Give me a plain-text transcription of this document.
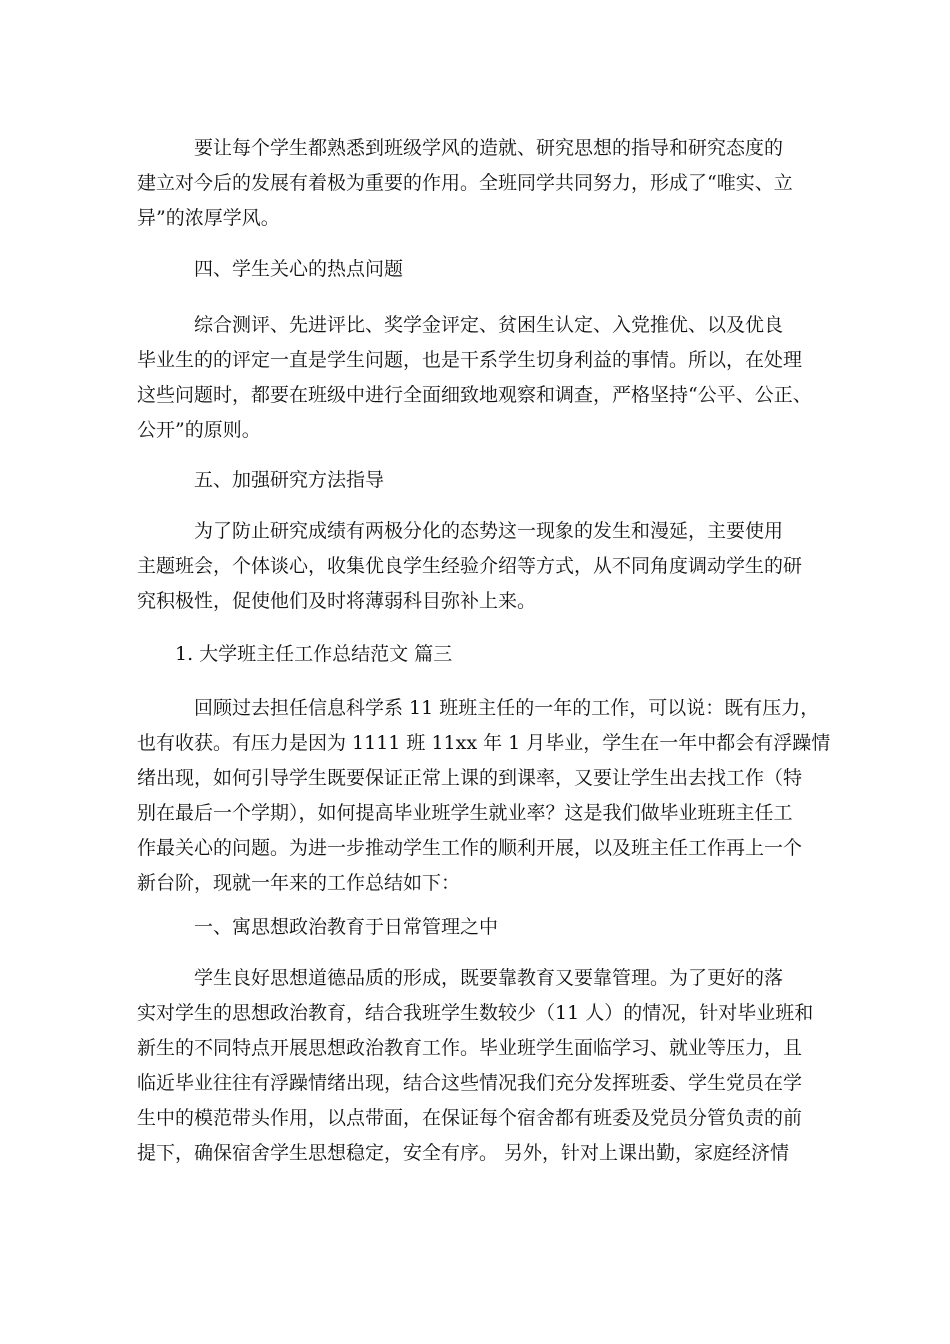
　　　要让每个学生都熟悉到班级学风的造就、研究思想的指导和研究态度的
建立对今后的发展有着极为重要的作用。全班同学共同努力，形成了“唯实、立
异”的浓厚学风。
　　　四、学生关心的热点问题
　　　综合测评、先进评比、奖学金评定、贫困生认定、入党推优、以及优良
毕业生的的评定一直是学生问题，也是干系学生切身利益的事情。所以，在处理
这些问题时，都要在班级中进行全面细致地观察和调查，严格坚持“公平、公正、
公开”的原则。
　　　五、加强研究方法指导
　　　为了防止研究成绩有两极分化的态势这一现象的发生和漫延，主要使用
主题班会，个体谈心，收集优良学生经验介绍等方式，从不同角度调动学生的研
究积极性，促使他们及时将薄弱科目弥补上来。
　　1. 大学班主任工作总结范文 篇三
　　　回顾过去担任信息科学系 11 班班主任的一年的工作，可以说：既有压力，
也有收获。有压力是因为 1111 班 11xx 年 1 月毕业，学生在一年中都会有浮躁情
绪出现，如何引导学生既要保证正常上课的到课率，又要让学生出去找工作（特
别在最后一个学期），如何提高毕业班学生就业率？这是我们做毕业班班主任工
作最关心的问题。为进一步推动学生工作的顺利开展，以及班主任工作再上一个
新台阶，现就一年来的工作总结如下：
　　　一、寓思想政治教育于日常管理之中
　　　学生良好思想道德品质的形成，既要靠教育又要靠管理。为了更好的落
实对学生的思想政治教育，结合我班学生数较少（11 人）的情况，针对毕业班和
新生的不同特点开展思想政治教育工作。毕业班学生面临学习、就业等压力，且
临近毕业往往有浮躁情绪出现，结合这些情况我们充分发挥班委、学生党员在学
生中的模范带头作用，以点带面，在保证每个宿舍都有班委及党员分管负责的前
提下，确保宿舍学生思想稳定，安全有序。 另外，针对上课出勤，家庭经济情
